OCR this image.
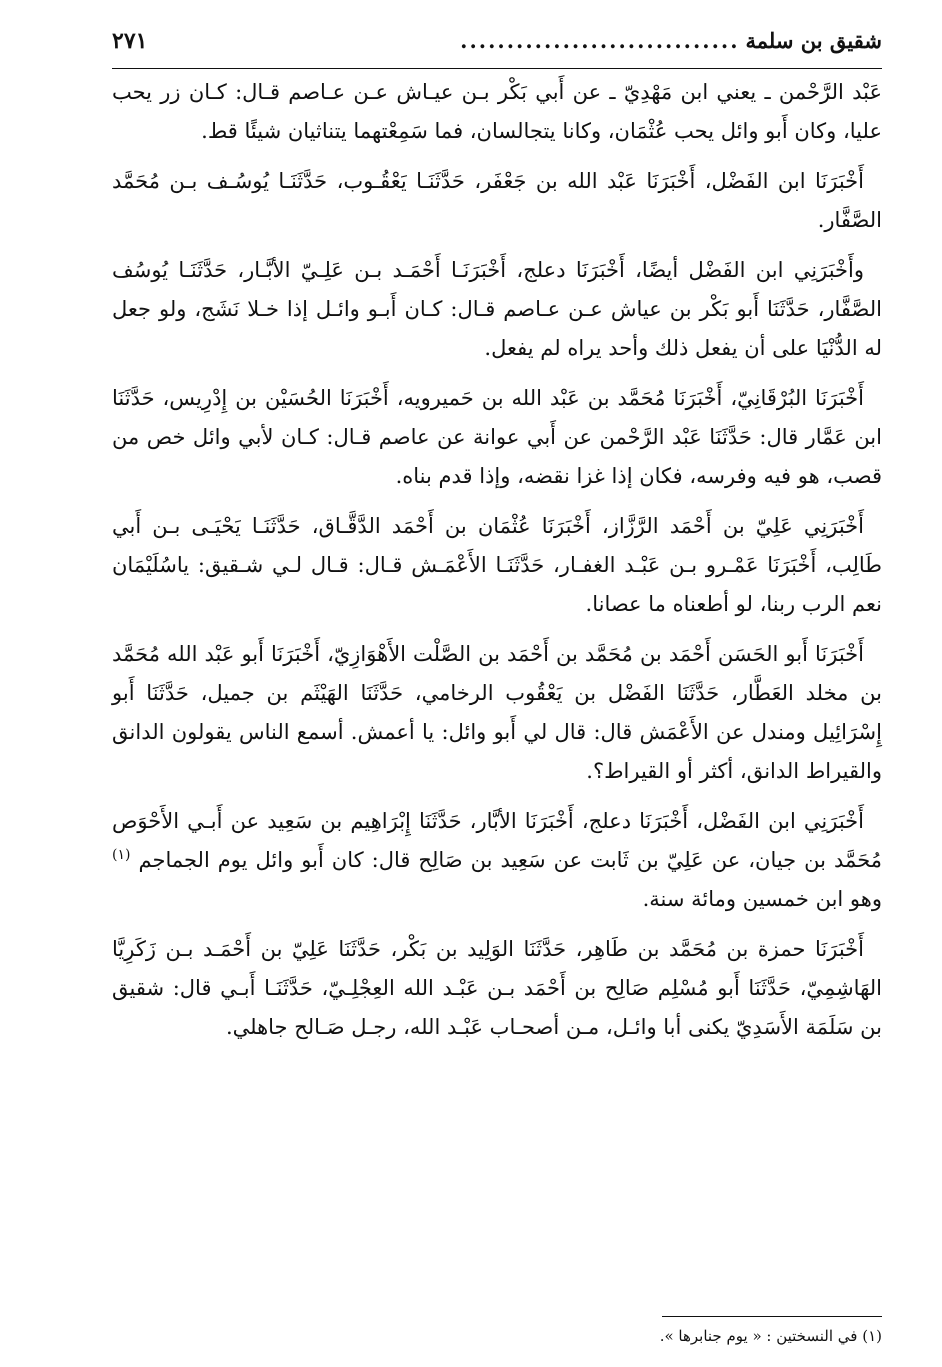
شقيق بن سلمة
..............................
٢٧١

عَبْد الرَّحْمن ـ يعني ابن مَهْدِيّ ـ عن أَبي بَكْر بـن عيـاش عـن عـاصم قـال: كـان زر يحب عليا، وكان أَبو وائل يحب عُثْمَان، وكانا يتجالسان، فما سَمِعْتهما يتناثيان شيئًا قط.

أَخْبَرَنَا ابن الفَضْل، أَخْبَرَنَا عَبْد الله بن جَعْفَر، حَدَّثَنَـا يَعْقُـوب، حَدَّثَنَـا يُوسُـف بـن مُحَمَّد الصَّفَّار.

وأَخْبَرَنِي ابن الفَضْل أيضًا، أَخْبَرَنَا دعلج، أَخْبَرَنَـا أَحْمَـد بـن عَلِـيّ الأبَّـار، حَدَّثَنَـا يُوسُف الصَّفَّار، حَدَّثَنَا أَبو بَكْر بن عياش عـن عـاصم قـال: كـان أَبـو وائـل إذا خـلا نَشَج، ولو جعل له الدُّنْيَا على أن يفعل ذلك وأحد يراه لم يفعل.

أَخْبَرَنَا البُرْقَانِيّ، أَخْبَرَنَا مُحَمَّد بن عَبْد الله بن حَميرويه، أَخْبَرَنَا الحُسَيْن بن إِدْرِيس، حَدَّثَنَا ابن عَمَّار قال: حَدَّثَنَا عَبْد الرَّحْمن عن أَبي عوانة عن عاصم قـال: كـان لأبي وائل خص من قصب، هو فيه وفرسه، فكان إذا غزا نقضه، وإذا قدم بناه.

أَخْبَرَنِي عَلِيّ بن أَحْمَد الرَّزَّاز، أَخْبَرَنَا عُثْمَان بن أَحْمَد الدَّقَّـاق، حَدَّثَنَـا يَحْيَـى بـن أَبي طَالِب، أَخْبَرَنَا عَمْـرو بـن عَبْـد الغفـار، حَدَّثَنَـا الأَعْمَـش قـال: قـال لـي شـقيق: ياسُلَيْمَان نعم الرب ربنا، لو أطعناه ما عصانا.

أَخْبَرَنَا أَبو الحَسَن أَحْمَد بن مُحَمَّد بن أَحْمَد بن الصَّلْت الأَهْوَازِيّ، أَخْبَرَنَا أَبو عَبْد الله مُحَمَّد بن مخلد العَطَّار، حَدَّثَنَا الفَضْل بن يَعْقُوب الرخامي، حَدَّثَنَا الهَيْثَم بن جميل، حَدَّثَنَا أَبو إِسْرَائِيل ومندل عن الأَعْمَش قال: قال لي أَبو وائل: يا أعمش. أسمع الناس يقولون الدانق والقيراط الدانق، أكثر أو القيراط؟.

أَخْبَرَنِي ابن الفَضْل، أَخْبَرَنَا دعلج، أَخْبَرَنَا الأبَّار، حَدَّثَنَا إِبْرَاهِيم بن سَعِيد عن أَبـي الأَحْوَص مُحَمَّد بن جيان، عن عَلِيّ بن ثَابت عن سَعِيد بن صَالِح قال: كان أَبو وائل يوم الجماجم $^{(١)}$ وهو ابن خمسين ومائة سنة.

أَخْبَرَنَا حمزة بن مُحَمَّد بن طَاهِر، حَدَّثَنَا الوَلِيد بن بَكْر، حَدَّثَنَا عَلِيّ بن أَحْمَـد بـن زَكَرِيَّا الهَاشِمِيّ، حَدَّثَنَا أَبو مُسْلِم صَالِح بن أَحْمَد بـن عَبْـد الله العِجْلِـيّ، حَدَّثَنَـا أَبـي قال: شقيق بن سَلَمَة الأَسَدِيّ يكنى أبا وائـل، مـن أصحـاب عَبْـد الله، رجـل صَـالح جاهلي.

(١) في النسختين : « يوم جنابرها ».
